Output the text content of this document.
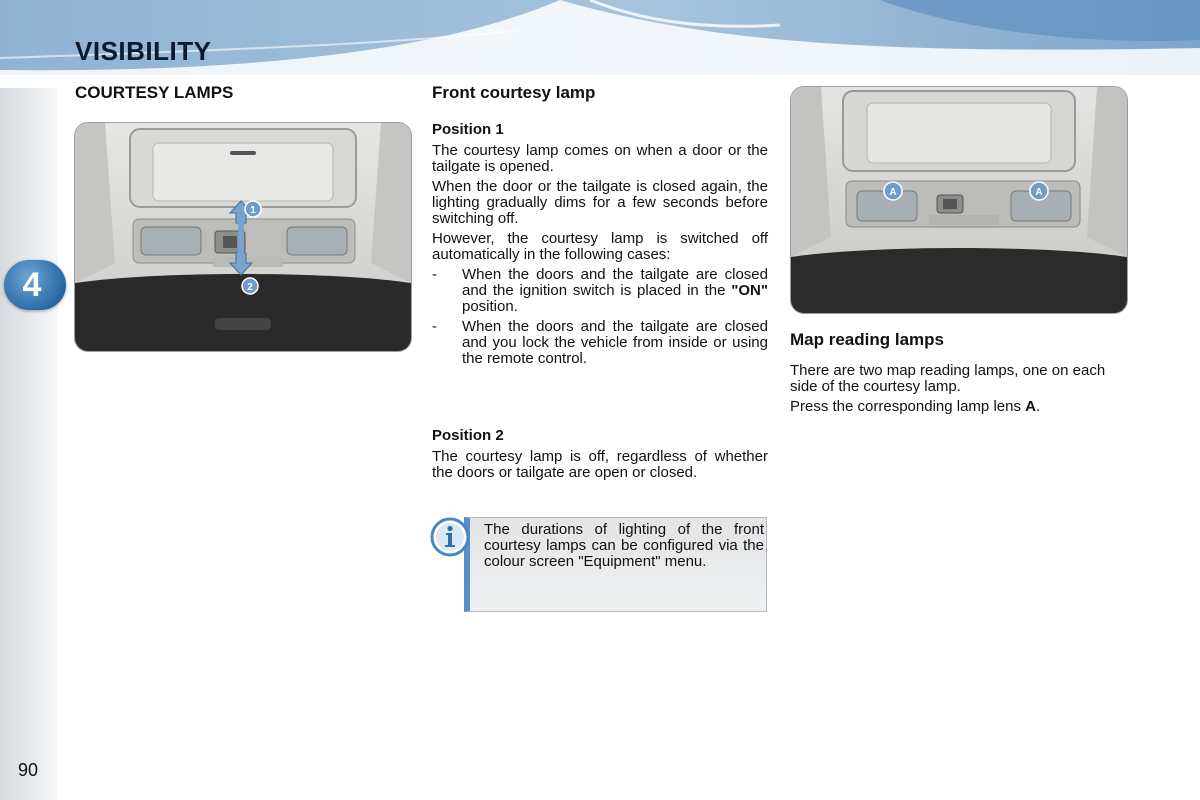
VISIBILITY
4
90
COURTESY LAMPS
1
2
Front courtesy lamp
Position 1

The courtesy lamp comes on when a door or the tailgate is opened.

When the door or the tailgate is closed again, the lighting gradually dims for a few seconds before switching off.

However, the courtesy lamp is switched off automatically in the following cases:

- When the doors and the tailgate are closed and the ignition switch is placed in the "ON" position.
- When the doors and the tailgate are closed and you lock the vehicle from inside or using the remote control.
Position 2

The courtesy lamp is off, regardless of whether the doors or tailgate are open or closed.

The durations of lighting of the front courtesy lamps can be configured via the colour screen "Equipment" menu.
A	A
Map reading lamps

There are two map reading lamps, one on each side of the courtesy lamp.

Press the corresponding lamp lens A.
